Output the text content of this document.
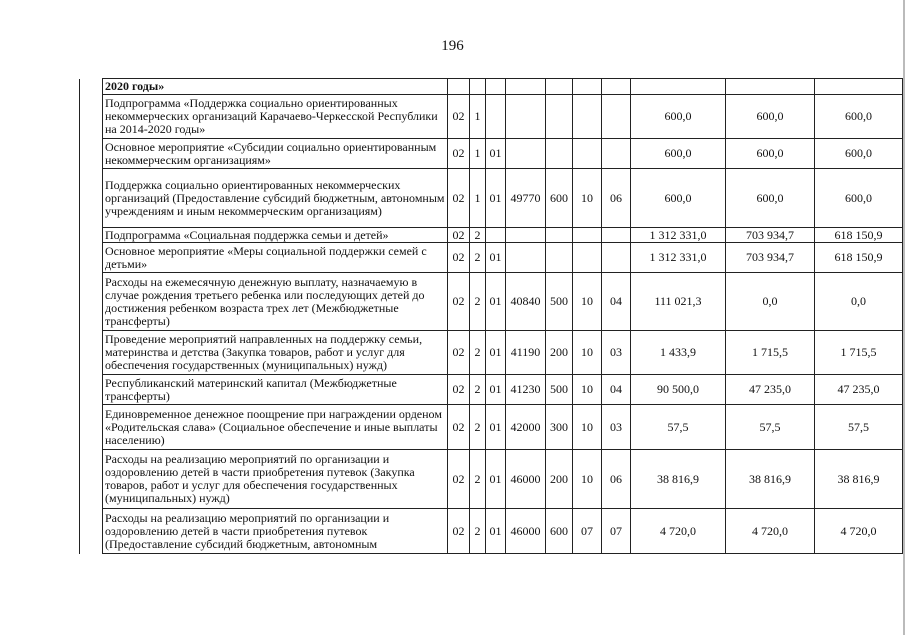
196
	2020 годы»										
	Подпрограмма «Поддержка социально ориентированных некоммерческих организаций Карачаево-Черкесской Республики на 2014-2020 годы»	02	1						600,0	600,0	600,0
	Основное мероприятие «Субсидии социально ориентированным некоммерческим организациям»	02	1	01					600,0	600,0	600,0
	Поддержка социально ориентированных некоммерческих организаций (Предоставление субсидий бюджетным, автономным учреждениям и иным некоммерческим организациям)	02	1	01	49770	600	10	06	600,0	600,0	600,0
	Подпрограмма «Социальная поддержка семьи и детей»	02	2						1 312 331,0	703 934,7	618 150,9
	Основное мероприятие «Меры социальной поддержки семей с детьми»	02	2	01					1 312 331,0	703 934,7	618 150,9
	Расходы на ежемесячную денежную выплату, назначаемую в случае рождения третьего ребенка или последующих детей до достижения ребенком возраста трех лет (Межбюджетные трансферты)	02	2	01	40840	500	10	04	111 021,3	0,0	0,0
	Проведение мероприятий направленных на поддержку семьи, материнства и детства (Закупка товаров, работ и услуг для обеспечения государственных (муниципальных) нужд)	02	2	01	41190	200	10	03	1 433,9	1 715,5	1 715,5
	Республиканский материнский капитал (Межбюджетные трансферты)	02	2	01	41230	500	10	04	90 500,0	47 235,0	47 235,0
	Единовременное денежное поощрение при награждении орденом «Родительская слава» (Социальное обеспечение и иные выплаты населению)	02	2	01	42000	300	10	03	57,5	57,5	57,5
	Расходы на реализацию мероприятий по организации и оздоровлению детей в части приобретения путевок (Закупка товаров, работ и услуг для обеспечения государственных (муниципальных) нужд)	02	2	01	46000	200	10	06	38 816,9	38 816,9	38 816,9
	Расходы на реализацию мероприятий по организации и оздоровлению детей в части приобретения путевок (Предоставление субсидий бюджетным, автономным	02	2	01	46000	600	07	07	4 720,0	4 720,0	4 720,0
